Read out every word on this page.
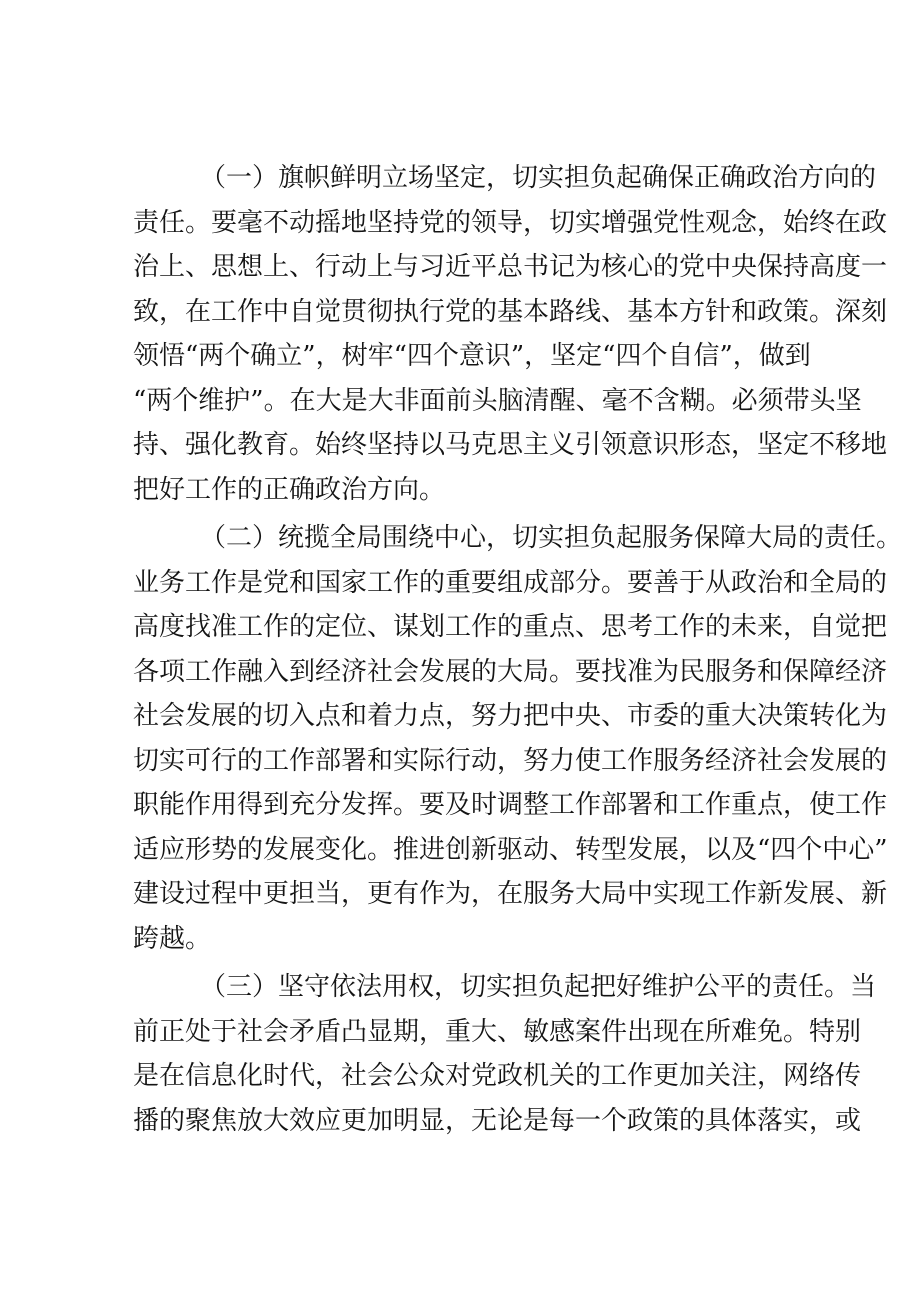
（一）旗帜鲜明立场坚定，切实担负起确保正确政治方向的
责任。要毫不动摇地坚持党的领导，切实增强党性观念，始终在政
治上、思想上、行动上与习近平总书记为核心的党中央保持高度一
致，在工作中自觉贯彻执行党的基本路线、基本方针和政策。深刻
领悟“两个确立”，树牢“四个意识”，坚定“四个自信”，做到
“两个维护”。在大是大非面前头脑清醒、毫不含糊。必须带头坚
持、强化教育。始终坚持以马克思主义引领意识形态，坚定不移地
把好工作的正确政治方向。
（二）统揽全局围绕中心，切实担负起服务保障大局的责任。
业务工作是党和国家工作的重要组成部分。要善于从政治和全局的
高度找准工作的定位、谋划工作的重点、思考工作的未来，自觉把
各项工作融入到经济社会发展的大局。要找准为民服务和保障经济
社会发展的切入点和着力点，努力把中央、市委的重大决策转化为
切实可行的工作部署和实际行动，努力使工作服务经济社会发展的
职能作用得到充分发挥。要及时调整工作部署和工作重点，使工作
适应形势的发展变化。推进创新驱动、转型发展，以及“四个中心”
建设过程中更担当，更有作为，在服务大局中实现工作新发展、新
跨越。
（三）坚守依法用权，切实担负起把好维护公平的责任。当
前正处于社会矛盾凸显期，重大、敏感案件出现在所难免。特别
是在信息化时代，社会公众对党政机关的工作更加关注，网络传
播的聚焦放大效应更加明显，无论是每一个政策的具体落实，或
